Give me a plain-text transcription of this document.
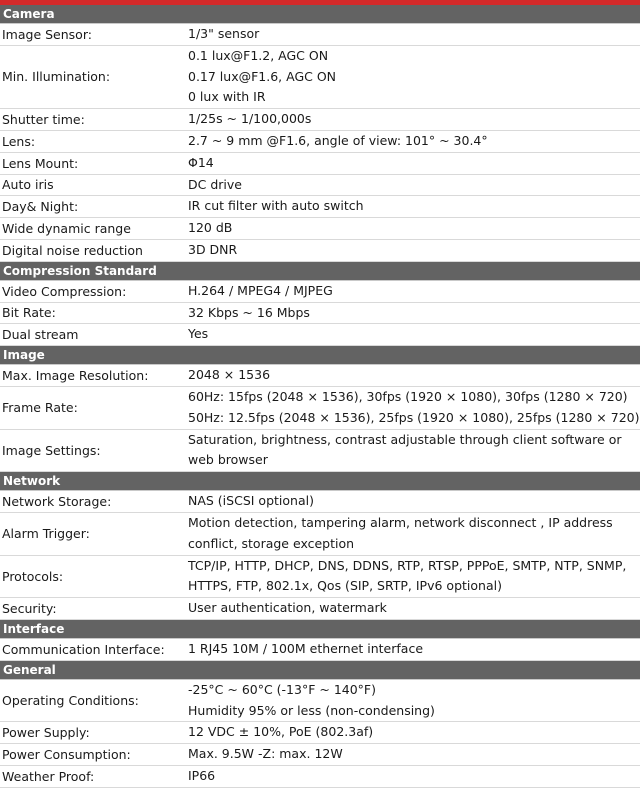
Camera
Image Sensor:	1/3" sensor
Min. Illumination:
0.1 lux@F1.2, AGC ON
0.17 lux@F1.6, AGC ON
0 lux with IR
Shutter time:	1/25s ~ 1/100,000s
Lens:	2.7 ~ 9 mm @F1.6, angle of view: 101° ~ 30.4°
Lens Mount:	Φ14
Auto iris	DC drive
Day& Night:	IR cut filter with auto switch
Wide dynamic range	120 dB
Digital noise reduction	3D DNR
Compression Standard
Video Compression:	H.264 / MPEG4 / MJPEG
Bit Rate:	32 Kbps ~ 16 Mbps
Dual stream	Yes
Image
Max. Image Resolution:	2048 × 1536
Frame Rate:
60Hz: 15fps (2048 × 1536), 30fps (1920 × 1080), 30fps (1280 × 720)
50Hz: 12.5fps (2048 × 1536), 25fps (1920 × 1080), 25fps (1280 × 720)
Image Settings:
Saturation, brightness, contrast adjustable through client software or
web browser
Network
Network Storage:	NAS (iSCSI optional)
Alarm Trigger:
Motion detection, tampering alarm, network disconnect , IP address
conflict, storage exception
Protocols:
TCP/IP, HTTP, DHCP, DNS, DDNS, RTP, RTSP, PPPoE, SMTP, NTP, SNMP,
HTTPS, FTP, 802.1x, Qos (SIP, SRTP, IPv6 optional)
Security:	User authentication, watermark
Interface
Communication Interface:	1 RJ45 10M / 100M ethernet interface
General
Operating Conditions:
-25°C ~ 60°C (-13°F ~ 140°F)
Humidity 95% or less (non-condensing)
Power Supply:	12 VDC ± 10%, PoE (802.3af)
Power Consumption:	Max. 9.5W -Z: max. 12W
Weather Proof:	IP66
